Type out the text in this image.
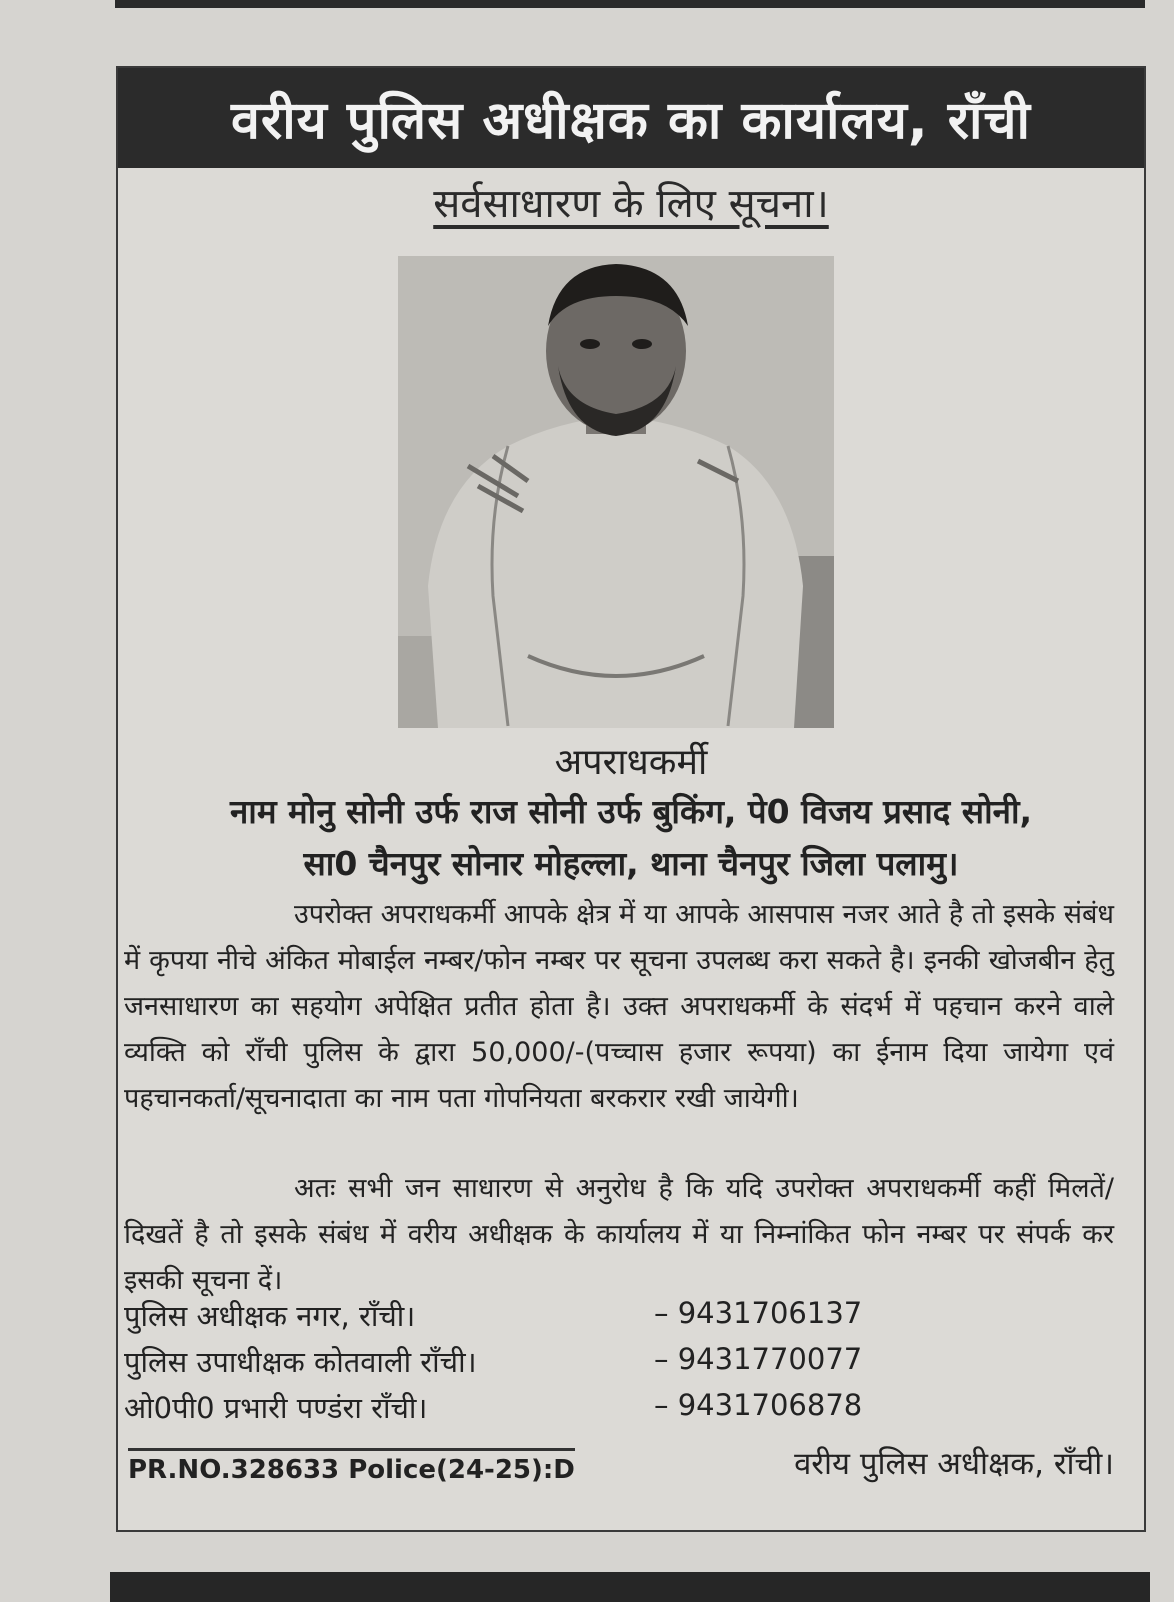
वरीय पुलिस अधीक्षक का कार्यालय, राँची
सर्वसाधारण के लिए सूचना।
अपराधकर्मी
नाम मोनु सोनी उर्फ राज सोनी उर्फ बुकिंग, पे0 विजय प्रसाद सोनी,
सा0 चैनपुर सोनार मोहल्ला, थाना चैनपुर जिला पलामु।
उपरोक्त अपराधकर्मी आपके क्षेत्र में या आपके आसपास नजर आते है तो इसके संबंध में कृपया नीचे अंकित मोबाईल नम्बर/फोन नम्बर पर सूचना उपलब्ध करा सकते है। इनकी खोजबीन हेतु जनसाधारण का सहयोग अपेक्षित प्रतीत होता है। उक्त अपराधकर्मी के संदर्भ में पहचान करने वाले व्यक्ति को राँची पुलिस के द्वारा 50,000/-(पच्चास हजार रूपया) का ईनाम दिया जायेगा एवं पहचानकर्ता/सूचनादाता का नाम पता गोपनियता बरकरार रखी जायेगी।
अतः सभी जन साधारण से अनुरोध है कि यदि उपरोक्त अपराधकर्मी कहीं मिलतें/दिखतें है तो इसके संबंध में वरीय अधीक्षक के कार्यालय में या निम्नांकित फोन नम्बर पर संपर्क कर इसकी सूचना दें।
पुलिस अधीक्षक नगर, राँची।	– 9431706137
पुलिस उपाधीक्षक कोतवाली राँची।	– 9431770077
ओ0पी0 प्रभारी पण्डंरा राँची।	– 9431706878
PR.NO.328633 Police(24-25):D	वरीय पुलिस अधीक्षक, राँची।
